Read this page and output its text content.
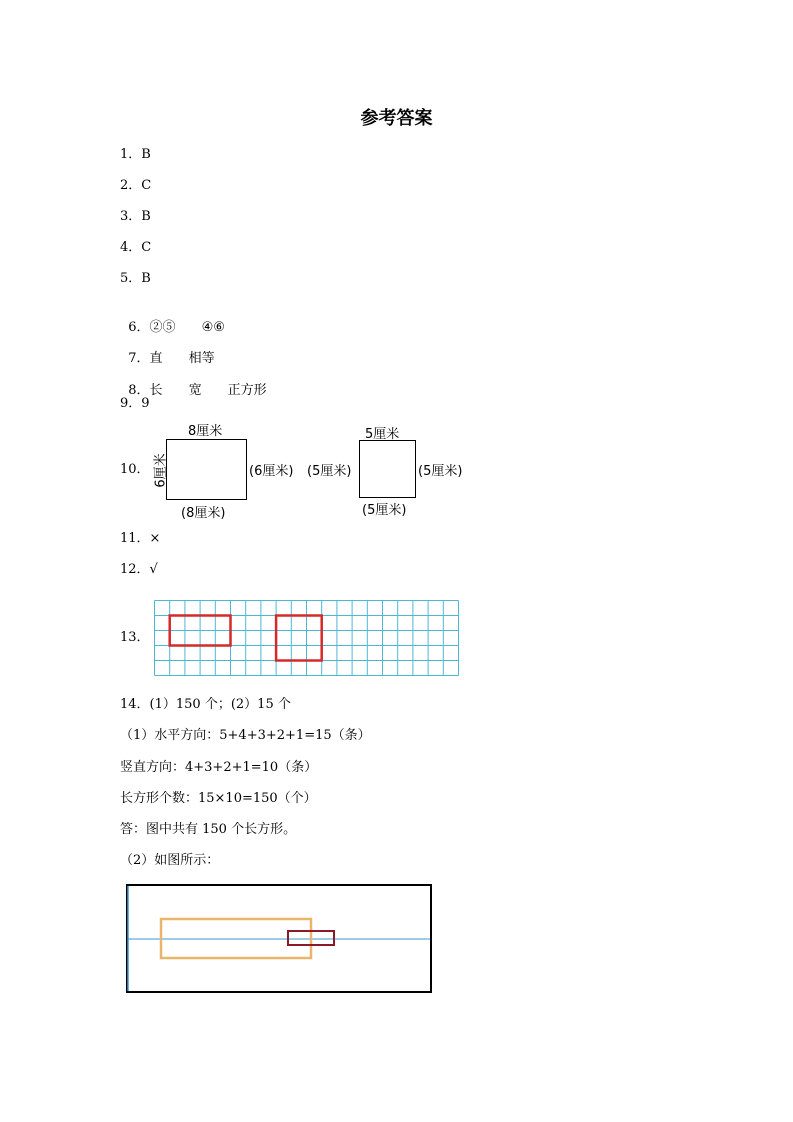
参考答案
1．B
2．C
3．B
4．C
5．B

6．②⑤ ④⑥

7．直 相等

8．长 宽 正方形

9．9
10．
8厘米
6厘米	(6厘米)
(8厘米)
5厘米
(5厘米)	(5厘米)
(5厘米)
11．×
12．√
13．
14．(1）150 个；(2）15 个
（1）水平方向：5+4+3+2+1=15（条）
竖直方向：4+3+2+1=10（条）
长方形个数：15×10=150（个）
答：图中共有 150 个长方形。
（2）如图所示：
